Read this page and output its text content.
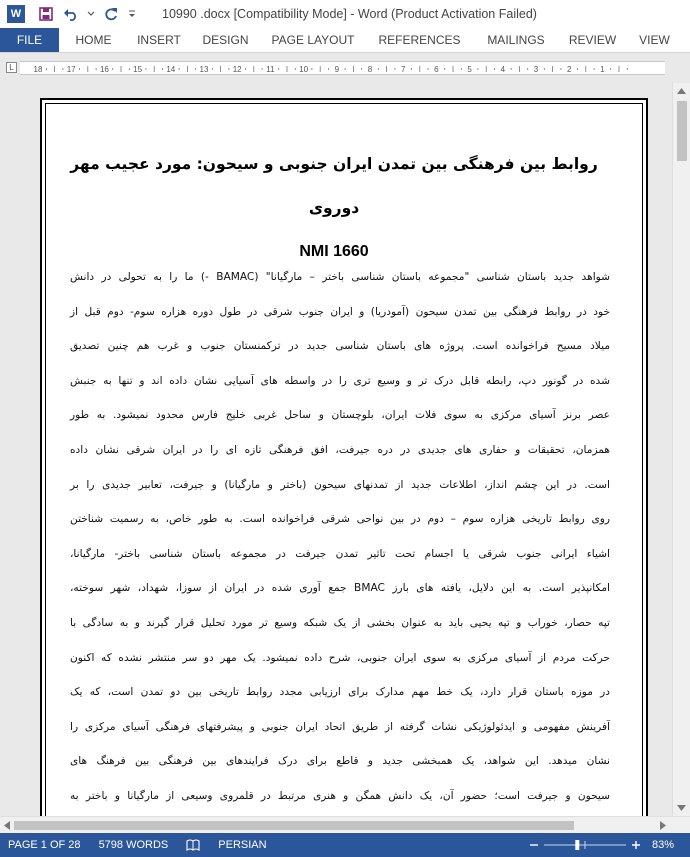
W	10990 .docx [Compatibility Mode] - Word (Product Activation Failed)
FILE	HOME	INSERT	DESIGN	PAGE LAYOUT	REFERENCES	MAILINGS	REVIEW	VIEW
L	18	17	16	15	14	13	12	11	10	9	8	7	6	5	4	3	2	1
روابط بین فرهنگی بین تمدن ایران جنوبی و سیحون: مورد عجیب مهر دوروی
NMI 1660
شواهد جدید باستان شناسی "مجموعه باستان شناسی باختر – مارگیانا" (BAMAC -) ما را به تحولی در دانش
خود در روابط فرهنگی بین تمدن سیحون (آمودریا) و ایران جنوب شرقی در طول دوره هزاره سوم- دوم قبل از
میلاد مسیح فراخوانده است. پروژه های باستان شناسی جدید در ترکمنستان جنوب و غرب هم چنین تصدیق
شده در گونور دپ، رابطه قابل درک تر و وسیع تری را در واسطه های آسیایی نشان داده اند و تنها به جنبش
عصر برنز آسیای مرکزی به سوی فلات ایران، بلوچستان و ساحل غربی خلیج فارس محدود نمیشود. به طور
همزمان، تحقیقات و حفاری های جدیدی در دره جیرفت، افق فرهنگی تازه ای را در ایران شرقی نشان داده
است. در این چشم انداز، اطلاعات جدید از تمدنهای سیحون (باختر و مارگیانا) و جیرفت، تعابیر جدیدی را بر
روی روابط تاریخی هزاره سوم – دوم در بین نواحی شرقی فراخوانده است. به طور خاص، به رسمیت شناختن
اشیاء ایرانی جنوب شرقی یا اجسام تحت تاثیر تمدن جیرفت در مجموعه باستان شناسی باختر- مارگیانا،
امکانپذیر است. به این دلایل، یافته های بارز BMAC جمع آوری شده در ایران از سوزا، شهداد، شهر سوخته،
تپه حصار، خوراب و تپه یحیی باید به عنوان بخشی از یک شبکه وسیع تر مورد تحلیل قرار گیرند و به سادگی با
حرکت مردم از آسیای مرکزی به سوی ایران جنوبی، شرح داده نمیشود. یک مهر دو سر منتشر نشده که اکنون
در موزه باستان قرار دارد، یک خط مهم مدارک برای ارزیابی مجدد روابط تاریخی بین دو تمدن است، که یک
آفرینش مفهومی و ایدئولوژیکی نشات گرفته از طریق اتحاد ایران جنوبی و پیشرفتهای فرهنگی آسیای مرکزی را
نشان میدهد. این شواهد، یک همبخشی جدید و قاطع برای درک فرایندهای بین فرهنگی بین فرهنگ های
سیحون و جیرفت است؛ حضور آن، یک دانش همگن و هنری مرتبط در قلمروی وسیعی از مارگیانا و باختر به
PAGE 1 OF 28 5798 WORDS	PERSIAN	83%
